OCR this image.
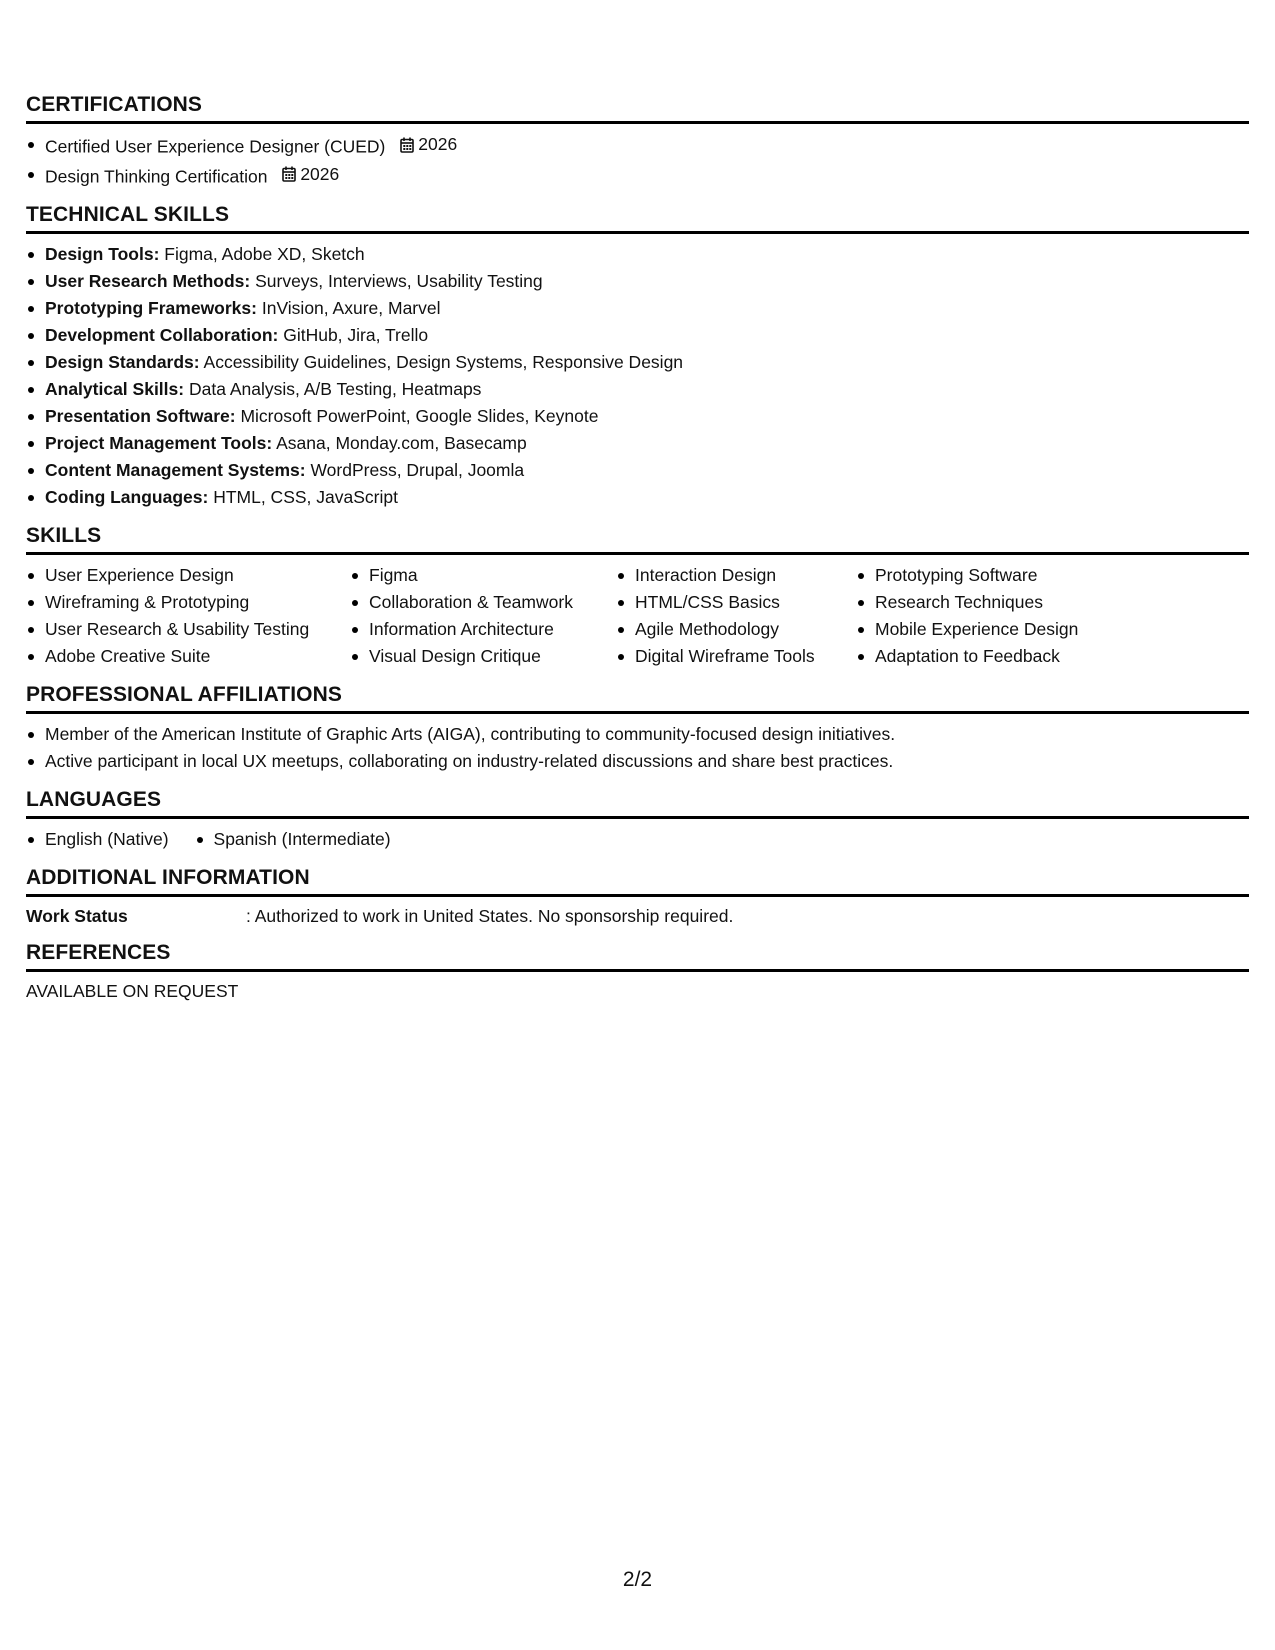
CERTIFICATIONS
Certified User Experience Designer (CUED) 2026
Design Thinking Certification 2026
TECHNICAL SKILLS
Design Tools: Figma, Adobe XD, Sketch
User Research Methods: Surveys, Interviews, Usability Testing
Prototyping Frameworks: InVision, Axure, Marvel
Development Collaboration: GitHub, Jira, Trello
Design Standards: Accessibility Guidelines, Design Systems, Responsive Design
Analytical Skills: Data Analysis, A/B Testing, Heatmaps
Presentation Software: Microsoft PowerPoint, Google Slides, Keynote
Project Management Tools: Asana, Monday.com, Basecamp
Content Management Systems: WordPress, Drupal, Joomla
Coding Languages: HTML, CSS, JavaScript
SKILLS
User Experience Design
Wireframing & Prototyping
User Research & Usability Testing
Adobe Creative Suite
Figma
Collaboration & Teamwork
Information Architecture
Visual Design Critique
Interaction Design
HTML/CSS Basics
Agile Methodology
Digital Wireframe Tools
Prototyping Software
Research Techniques
Mobile Experience Design
Adaptation to Feedback
PROFESSIONAL AFFILIATIONS
Member of the American Institute of Graphic Arts (AIGA), contributing to community-focused design initiatives.
Active participant in local UX meetups, collaborating on industry-related discussions and share best practices.
LANGUAGES
English (Native)	Spanish (Intermediate)
ADDITIONAL INFORMATION
Work Status	: Authorized to work in United States. No sponsorship required.
REFERENCES
AVAILABLE ON REQUEST
2/2
